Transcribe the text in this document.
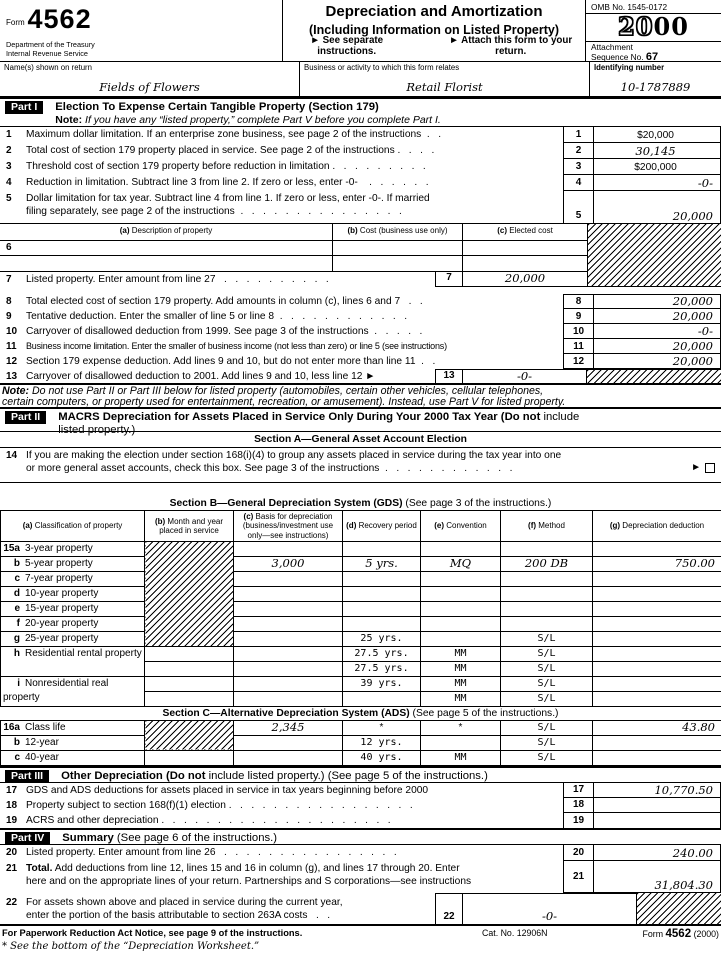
Form 4562
Department of the Treasury
Internal Revenue Service
Depreciation and Amortization
(Including Information on Listed Property)
► See separate instructions.
► Attach this form to your return.
OMB No. 1545-0172
2000
Attachment
Sequence No. 67
Name(s) shown on return
Fields of Flowers
Business or activity to which this form relates
Retail Florist
Identifying number
10-1787889
Part I	Election To Expense Certain Tangible Property (Section 179)
Note: If you have any “listed property,” complete Part V before you complete Part I.
1	Maximum dollar limitation. If an enterprise zone business, see page 2 of the instructions  .   .	1	$20,000
2	Total cost of section 179 property placed in service. See page 2 of the instructions .   .   .   .	2	30,145
3	Threshold cost of section 179 property before reduction in limitation .   .   .   .   .   .   .   .   .	3	$200,000
4	Reduction in limitation. Subtract line 3 from line 2. If zero or less, enter -0-    .   .   .   .   .   .	4	-0-
5	Dollar limitation for tax year. Subtract line 4 from line 1. If zero or less, enter -0-. If married
filing separately, see page 2 of the instructions  .   .   .   .   .   .   .   .   .   .   .   .   .   .   .	5	20,000
6
(a) Description of property	(b) Cost (business use only)	(c) Elected cost
7	Listed property. Enter amount from line 27   .   .   .   .   .   .   .   .   .   .	7	20,000
8	Total elected cost of section 179 property. Add amounts in column (c), lines 6 and 7   .   .	8	20,000
9	Tentative deduction. Enter the smaller of line 5 or line 8  .   .   .   .   .   .   .   .   .   .   .   .	9	20,000
10 Carryover of disallowed deduction from 1999. See page 3 of the instructions  .   .   .   .   .	10	-0-
11	Business income limitation. Enter the smaller of business income (not less than zero) or line 5 (see instructions)	11	20,000
12 Section 179 expense deduction. Add lines 9 and 10, but do not enter more than line 11  .   .	12	20,000
13 Carryover of disallowed deduction to 2001. Add lines 9 and 10, less line 12 ►	13	-0-
Note: Do not use Part II or Part III below for listed property (automobiles, certain other vehicles, cellular telephones,
certain computers, or property used for entertainment, recreation, or amusement). Instead, use Part V for listed property.
Part II	MACRS Depreciation for Assets Placed in Service Only During Your 2000 Tax Year (Do not include
listed property.)
Section A—General Asset Account Election
14 If you are making the election under section 168(i)(4) to group any assets placed in service during the tax year into one
or more general asset accounts, check this box. See page 3 of the instructions  .   .   .   .   .   .   .   .   .   .   .   .	►
Section B—General Depreciation System (GDS) (See page 3 of the instructions.)
(a) Classification of property	(b) Month and year placed in service	(c) Basis for depreciation (business/investment use only—see instructions)	(d) Recovery period	(e) Convention	(f) Method	(g) Depreciation deduction
15a 3-year property						
b 5-year property		3,000	5 yrs.	MQ	200 DB	750.00
c 7-year property						
d 10-year property						
e 15-year property						
f 20-year property						
g 25-year property			25 yrs.		S/L	
h Residential rental property			27.5 yrs.	MM	S/L	
			27.5 yrs.	MM	S/L	
i Nonresidential real property			39 yrs.	MM	S/L	
				MM	S/L	
Section C—Alternative Depreciation System (ADS) (See page 5 of the instructions.)
16a Class life		2,345	*	*	S/L	43.80
b 12-year			12 yrs.		S/L	
c 40-year			40 yrs.	MM	S/L	
Part III	Other Depreciation (Do not include listed property.) (See page 5 of the instructions.)
17 GDS and ADS deductions for assets placed in service in tax years beginning before 2000	17	10,770.50
18 Property subject to section 168(f)(1) election .   .   .   .   .   .   .   .   .   .   .   .   .   .   .   .   .	18
19 ACRS and other depreciation .   .   .   .   .   .   .   .   .   .   .   .   .   .   .   .   .   .   .   .   .	19
Part IV	Summary (See page 6 of the instructions.)
20 Listed property. Enter amount from line 26   .   .   .   .   .   .   .   .   .   .   .   .   .   .   .   .	20	240.00
21 Total. Add deductions from line 12, lines 15 and 16 in column (g), and lines 17 through 20. Enter
here and on the appropriate lines of your return. Partnerships and S corporations—see instructions	21
31,804.30
22 For assets shown above and placed in service during the current year,
enter the portion of the basis attributable to section 263A costs   .   .	22	-0-
For Paperwork Reduction Act Notice, see page 9 of the instructions.	Cat. No. 12906N	Form 4562 (2000)
* See the bottom of the “Depreciation Worksheet.”
